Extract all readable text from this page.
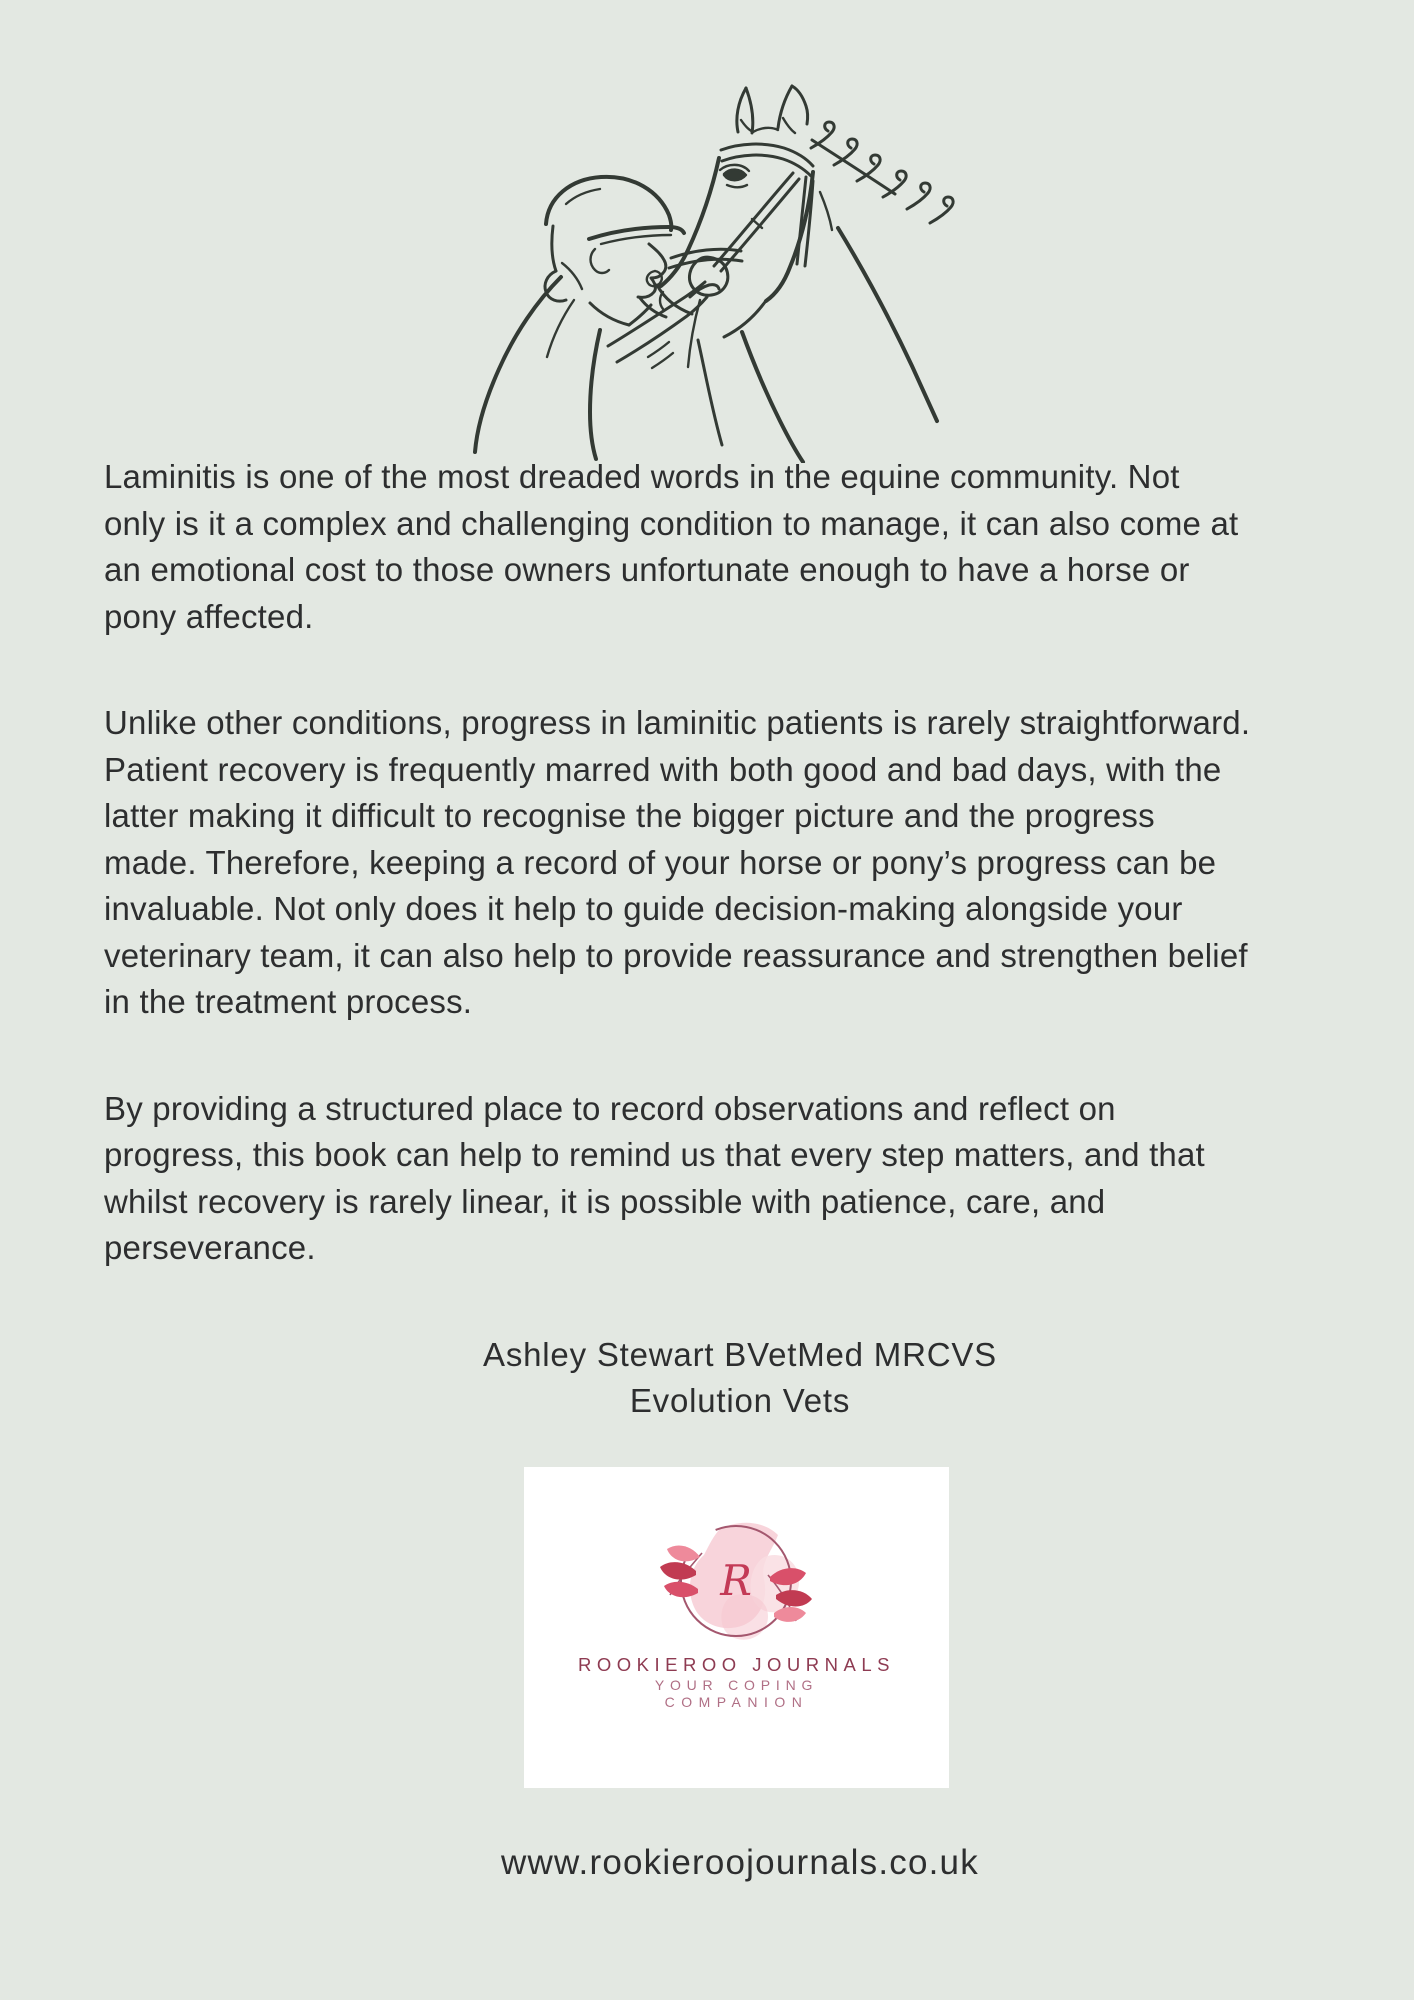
Laminitis is one of the most dreaded words in the equine community. Not
only is it a complex and challenging condition to manage, it can also come at
an emotional cost to those owners unfortunate enough to have a horse or
pony affected.
Unlike other conditions, progress in laminitic patients is rarely straightforward.
Patient recovery is frequently marred with both good and bad days, with the
latter making it difficult to recognise the bigger picture and the progress
made. Therefore, keeping a record of your horse or pony’s progress can be
invaluable. Not only does it help to guide decision-making alongside your
veterinary team, it can also help to provide reassurance and strengthen belief
in the treatment process.
By providing a structured place to record observations and reflect on
progress, this book can help to remind us that every step matters, and that
whilst recovery is rarely linear, it is possible with patience, care, and
perseverance.
Ashley Stewart BVetMed MRCVS
Evolution Vets
R
ROOKIEROO JOURNALS
YOUR COPING
COMPANION
www.rookieroojournals.co.uk
